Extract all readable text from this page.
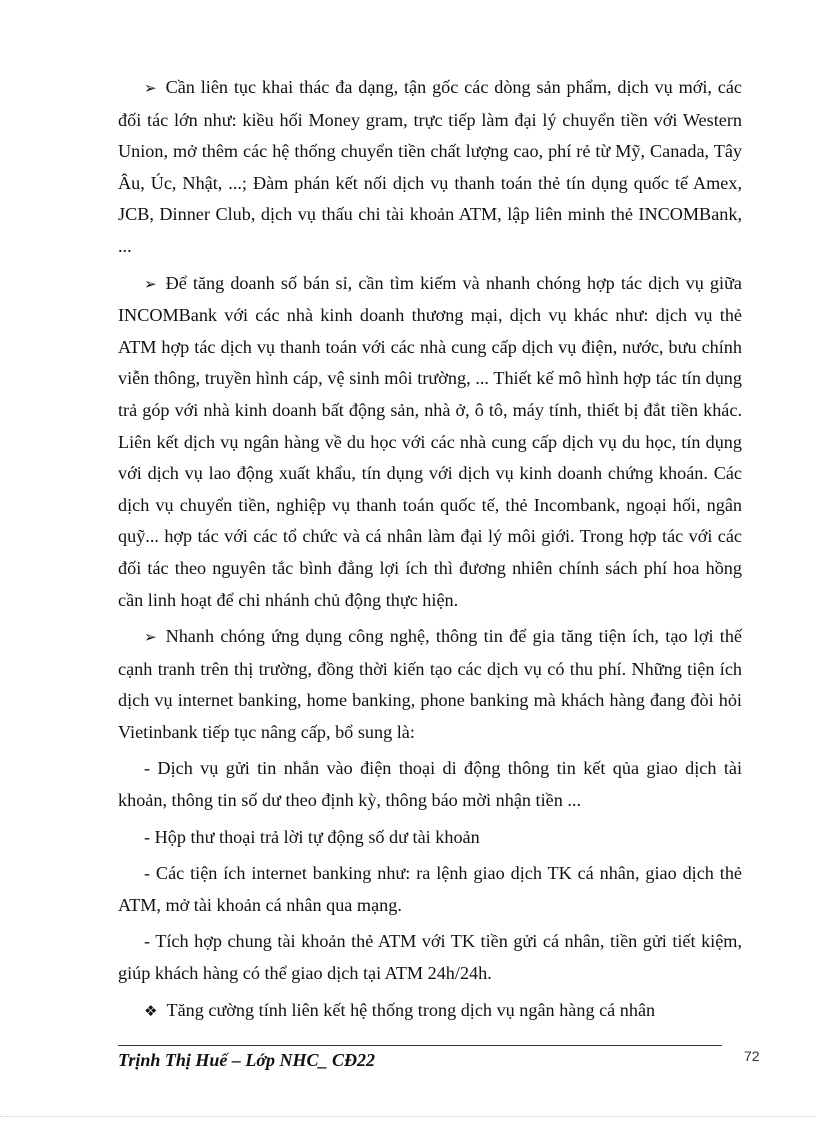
➢ Cần liên tục khai thác đa dạng, tận gốc các dòng sản phẩm, dịch vụ mới, các đối tác lớn như: kiều hối Money gram, trực tiếp làm đại lý chuyển tiền với Western Union, mở thêm các hệ thống chuyển tiền chất lượng cao, phí rẻ từ Mỹ, Canada, Tây Âu, Úc, Nhật, ...; Đàm phán kết nối dịch vụ thanh toán thẻ tín dụng quốc tế Amex, JCB, Dinner Club, dịch vụ thấu chi tài khoản ATM, lập liên minh thẻ INCOMBank, ...

➢ Để tăng doanh số bán sỉ, cần tìm kiếm và nhanh chóng hợp tác dịch vụ giữa INCOMBank với các nhà kinh doanh thương mại, dịch vụ khác như: dịch vụ thẻ ATM hợp tác dịch vụ thanh toán với các nhà cung cấp dịch vụ điện, nước, bưu chính viễn thông, truyền hình cáp, vệ sinh môi trường, ... Thiết kế mô hình hợp tác tín dụng trả góp với nhà kinh doanh bất động sản, nhà ở, ô tô, máy tính, thiết bị đắt tiền khác. Liên kết dịch vụ ngân hàng về du học với các nhà cung cấp dịch vụ du học, tín dụng với dịch vụ lao động xuất khẩu, tín dụng với dịch vụ kinh doanh chứng khoán. Các dịch vụ chuyển tiền, nghiệp vụ thanh toán quốc tế, thẻ Incombank, ngoại hối, ngân quỹ... hợp tác với các tổ chức và cá nhân làm đại lý môi giới. Trong hợp tác với các đối tác theo nguyên tắc bình đẳng lợi ích thì đương nhiên chính sách phí hoa hồng cần linh hoạt để chi nhánh chủ động thực hiện.

➢ Nhanh chóng ứng dụng công nghệ, thông tin để gia tăng tiện ích, tạo lợi thế cạnh tranh trên thị trường, đồng thời kiến tạo các dịch vụ có thu phí. Những tiện ích dịch vụ internet banking, home banking, phone banking mà khách hàng đang đòi hỏi Vietinbank tiếp tục nâng cấp, bổ sung là:

- Dịch vụ gửi tin nhắn vào điện thoại di động thông tin kết qủa giao dịch tài khoản, thông tin số dư theo định kỳ, thông báo mời nhận tiền ...

- Hộp thư thoại trả lời tự động số dư tài khoản

- Các tiện ích internet banking như: ra lệnh giao dịch TK cá nhân, giao dịch thẻ ATM, mở tài khoản cá nhân qua mạng.

- Tích hợp chung tài khoản thẻ ATM với TK tiền gửi cá nhân, tiền gửi tiết kiệm, giúp khách hàng có thể giao dịch tại ATM 24h/24h.

❖ Tăng cường tính liên kết hệ thống trong dịch vụ ngân hàng cá nhân

Trịnh Thị Huế – Lớp NHC_ CĐ22	72
